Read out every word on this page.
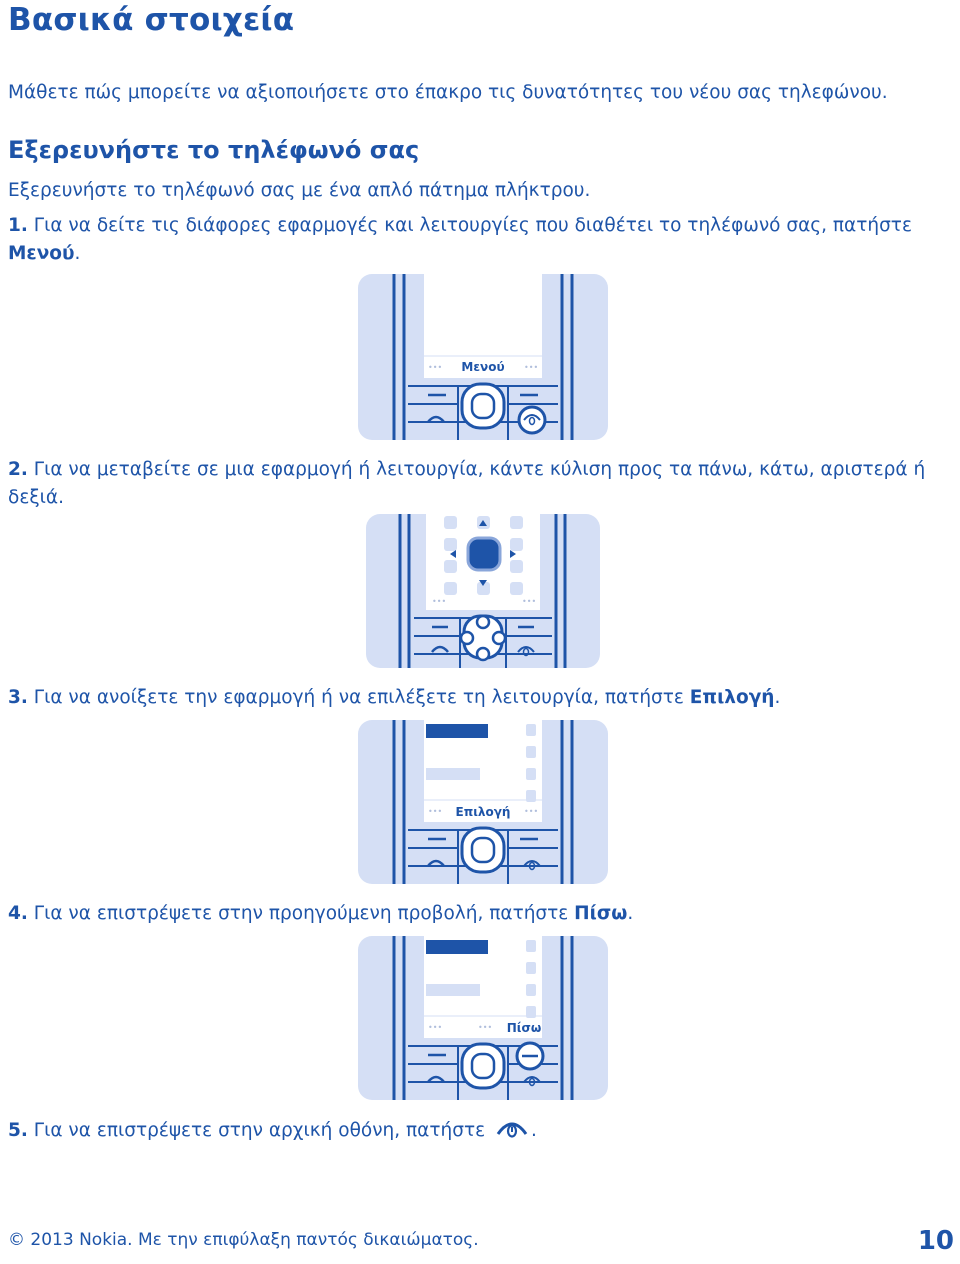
Βασικά στοιχεία
Μάθετε πώς μπορείτε να αξιοποιήσετε στο έπακρο τις δυνατότητες του νέου σας τηλεφώνου.
Εξερευνήστε το τηλέφωνό σας
Εξερευνήστε το τηλέφωνό σας με ένα απλό πάτημα πλήκτρου.
1. Για να δείτε τις διάφορες εφαρμογές και λειτουργίες που διαθέτει το τηλέφωνό σας, πατήστε Μενού.
•••	•••
Μενού
2. Για να μεταβείτε σε μια εφαρμογή ή λειτουργία, κάντε κύλιση προς τα πάνω, κάτω, αριστερά ή δεξιά.
•••	•••
3. Για να ανοίξετε την εφαρμογή ή να επιλέξετε τη λειτουργία, πατήστε Επιλογή.
•••	•••
Επιλογή
4. Για να επιστρέψετε στην προηγούμενη προβολή, πατήστε Πίσω.
•••	••• Πίσω
5. Για να επιστρέψετε στην αρχική οθόνη, πατήστε .
© 2013 Nokia. Με την επιφύλαξη παντός δικαιώματος.	10
